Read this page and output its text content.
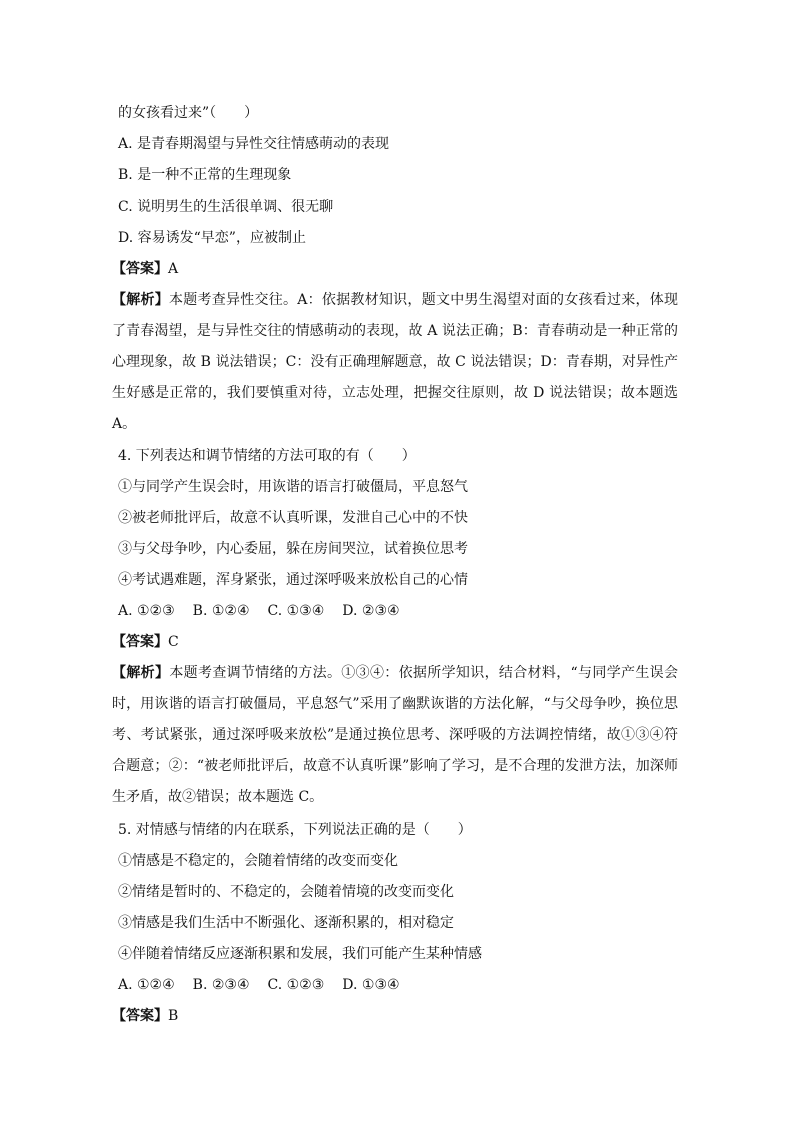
的女孩看过来”（　　）
A. 是青春期渴望与异性交往情感萌动的表现
B. 是一种不正常的生理现象
C. 说明男生的生活很单调、很无聊
D. 容易诱发“早恋”，应被制止
【答案】A
【解析】本题考查异性交往。A：依据教材知识，题文中男生渴望对面的女孩看过来，体现了青春渴望，是与异性交往的情感萌动的表现，故 A 说法正确；B：青春萌动是一种正常的心理现象，故 B 说法错误；C：没有正确理解题意，故 C 说法错误；D：青春期，对异性产生好感是正常的，我们要慎重对待，立志处理，把握交往原则，故 D 说法错误；故本题选 A。
4. 下列表达和调节情绪的方法可取的有（　　）
①与同学产生误会时，用诙谐的语言打破僵局，平息怒气
②被老师批评后，故意不认真听课，发泄自己心中的不快
③与父母争吵，内心委屈，躲在房间哭泣，试着换位思考
④考试遇难题，浑身紧张，通过深呼吸来放松自己的心情
A. ①②③ B. ①②④ C. ①③④ D. ②③④
【答案】C
【解析】本题考查调节情绪的方法。①③④：依据所学知识，结合材料，“与同学产生误会时，用诙谐的语言打破僵局，平息怒气”采用了幽默诙谐的方法化解，“与父母争吵，换位思考、考试紧张，通过深呼吸来放松”是通过换位思考、深呼吸的方法调控情绪，故①③④符合题意；②：“被老师批评后，故意不认真听课”影响了学习，是不合理的发泄方法，加深师生矛盾，故②错误；故本题选 C。
5. 对情感与情绪的内在联系，下列说法正确的是（　　）
①情感是不稳定的，会随着情绪的改变而变化
②情绪是暂时的、不稳定的，会随着情境的改变而变化
③情感是我们生活中不断强化、逐渐积累的，相对稳定
④伴随着情绪反应逐渐积累和发展，我们可能产生某种情感
A. ①②④ B. ②③④ C. ①②③ D. ①③④
【答案】B
